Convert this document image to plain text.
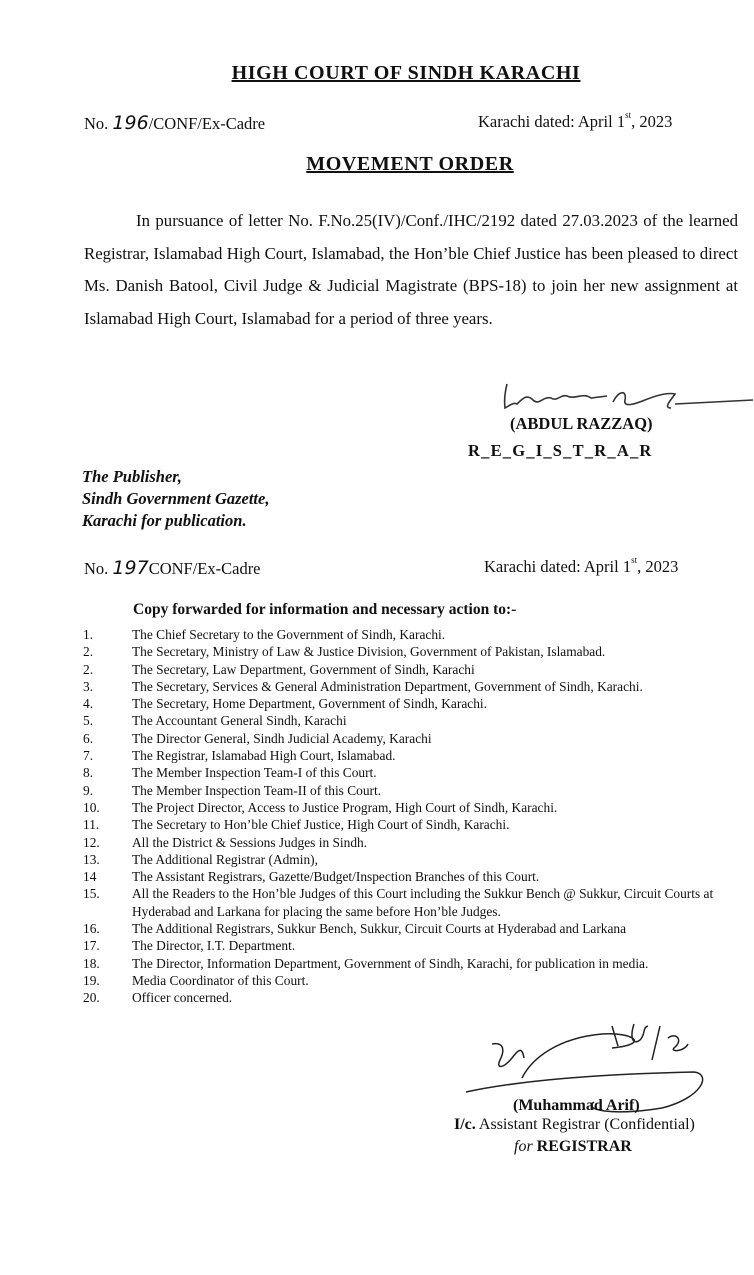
HIGH COURT OF SINDH KARACHI
No. 196/CONF/Ex-Cadre	Karachi dated: April 1st, 2023
MOVEMENT ORDER
In pursuance of letter No. F.No.25(IV)/Conf./IHC/2192 dated 27.03.2023 of the learned Registrar, Islamabad High Court, Islamabad, the Hon’ble Chief Justice has been pleased to direct Ms. Danish Batool, Civil Judge & Judicial Magistrate (BPS-18) to join her new assignment at Islamabad High Court, Islamabad for a period of three years.
(ABDUL RAZZAQ)
R_E_G_I_S_T_R_A_R
The Publisher,
Sindh Government Gazette,
Karachi for publication.
No. 197CONF/Ex-Cadre	Karachi dated: April 1st, 2023
Copy forwarded for information and necessary action to:-
1.	The Chief Secretary to the Government of Sindh, Karachi.
2.	The Secretary, Ministry of Law & Justice Division, Government of Pakistan, Islamabad.
2.	The Secretary, Law Department, Government of Sindh, Karachi
3.	The Secretary, Services & General Administration Department, Government of Sindh, Karachi.
4.	The Secretary, Home Department, Government of Sindh, Karachi.
5.	The Accountant General Sindh, Karachi
6.	The Director General, Sindh Judicial Academy, Karachi
7.	The Registrar, Islamabad High Court, Islamabad.
8.	The Member Inspection Team-I of this Court.
9.	The Member Inspection Team-II of this Court.
10.	The Project Director, Access to Justice Program, High Court of Sindh, Karachi.
11.	The Secretary to Hon’ble Chief Justice, High Court of Sindh, Karachi.
12.	All the District & Sessions Judges in Sindh.
13.	The Additional Registrar (Admin),
14	The Assistant Registrars, Gazette/Budget/Inspection Branches of this Court.
15.	All the Readers to the Hon’ble Judges of this Court including the Sukkur Bench @ Sukkur, Circuit Courts at Hyderabad and Larkana for placing the same before Hon’ble Judges.
16.	The Additional Registrars, Sukkur Bench, Sukkur, Circuit Courts at Hyderabad and Larkana
17.	The Director, I.T. Department.
18.	The Director, Information Department, Government of Sindh, Karachi, for publication in media.
19.	Media Coordinator of this Court.
20.	Officer concerned.
(Muhammad Arif)
I/c. Assistant Registrar (Confidential)
for REGISTRAR
